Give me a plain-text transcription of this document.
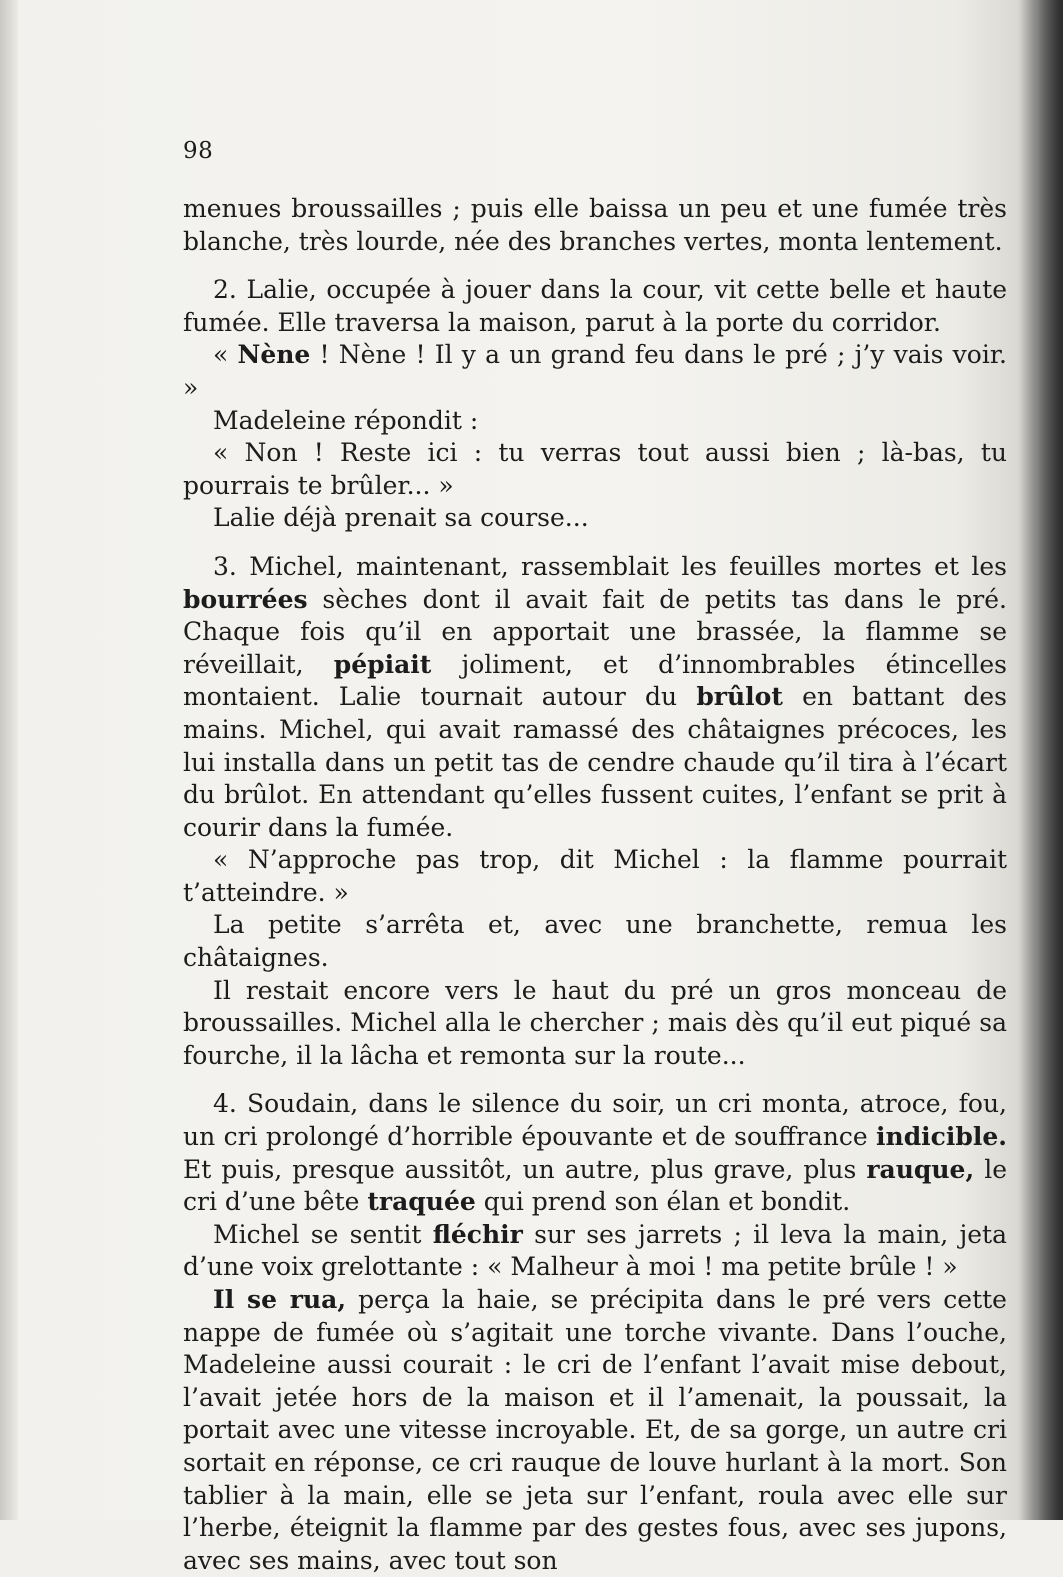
98

menues broussailles ; puis elle baissa un peu et une fumée très blanche, très lourde, née des branches vertes, monta lentement.

2. Lalie, occupée à jouer dans la cour, vit cette belle et haute fumée. Elle traversa la maison, parut à la porte du corridor.

« Nène ! Nène ! Il y a un grand feu dans le pré ; j’y vais voir. »

Madeleine répondit :

« Non ! Reste ici : tu verras tout aussi bien ; là-bas, tu pourrais te brûler... »

Lalie déjà prenait sa course...

3. Michel, maintenant, rassemblait les feuilles mortes et les bourrées sèches dont il avait fait de petits tas dans le pré. Chaque fois qu’il en apportait une brassée, la flamme se réveillait, pépiait joliment, et d’innombrables étincelles montaient. Lalie tournait autour du brûlot en battant des mains. Michel, qui avait ramassé des châtaignes précoces, les lui installa dans un petit tas de cendre chaude qu’il tira à l’écart du brûlot. En attendant qu’elles fussent cuites, l’enfant se prit à courir dans la fumée.

« N’approche pas trop, dit Michel : la flamme pourrait t’atteindre. »

La petite s’arrêta et, avec une branchette, remua les châtaignes.

Il restait encore vers le haut du pré un gros monceau de broussailles. Michel alla le chercher ; mais dès qu’il eut piqué sa fourche, il la lâcha et remonta sur la route...

4. Soudain, dans le silence du soir, un cri monta, atroce, fou, un cri prolongé d’horrible épouvante et de souffrance indicible. Et puis, presque aussitôt, un autre, plus grave, plus rauque, le cri d’une bête traquée qui prend son élan et bondit.

Michel se sentit fléchir sur ses jarrets ; il leva la main, jeta d’une voix grelottante : « Malheur à moi ! ma petite brûle ! »

Il se rua, perça la haie, se précipita dans le pré vers cette nappe de fumée où s’agitait une torche vivante. Dans l’ouche, Madeleine aussi courait : le cri de l’enfant l’avait mise debout, l’avait jetée hors de la maison et il l’amenait, la poussait, la portait avec une vitesse incroyable. Et, de sa gorge, un autre cri sortait en réponse, ce cri rauque de louve hurlant à la mort. Son tablier à la main, elle se jeta sur l’enfant, roula avec elle sur l’herbe, éteignit la flamme par des gestes fous, avec ses jupons, avec ses mains, avec tout son
